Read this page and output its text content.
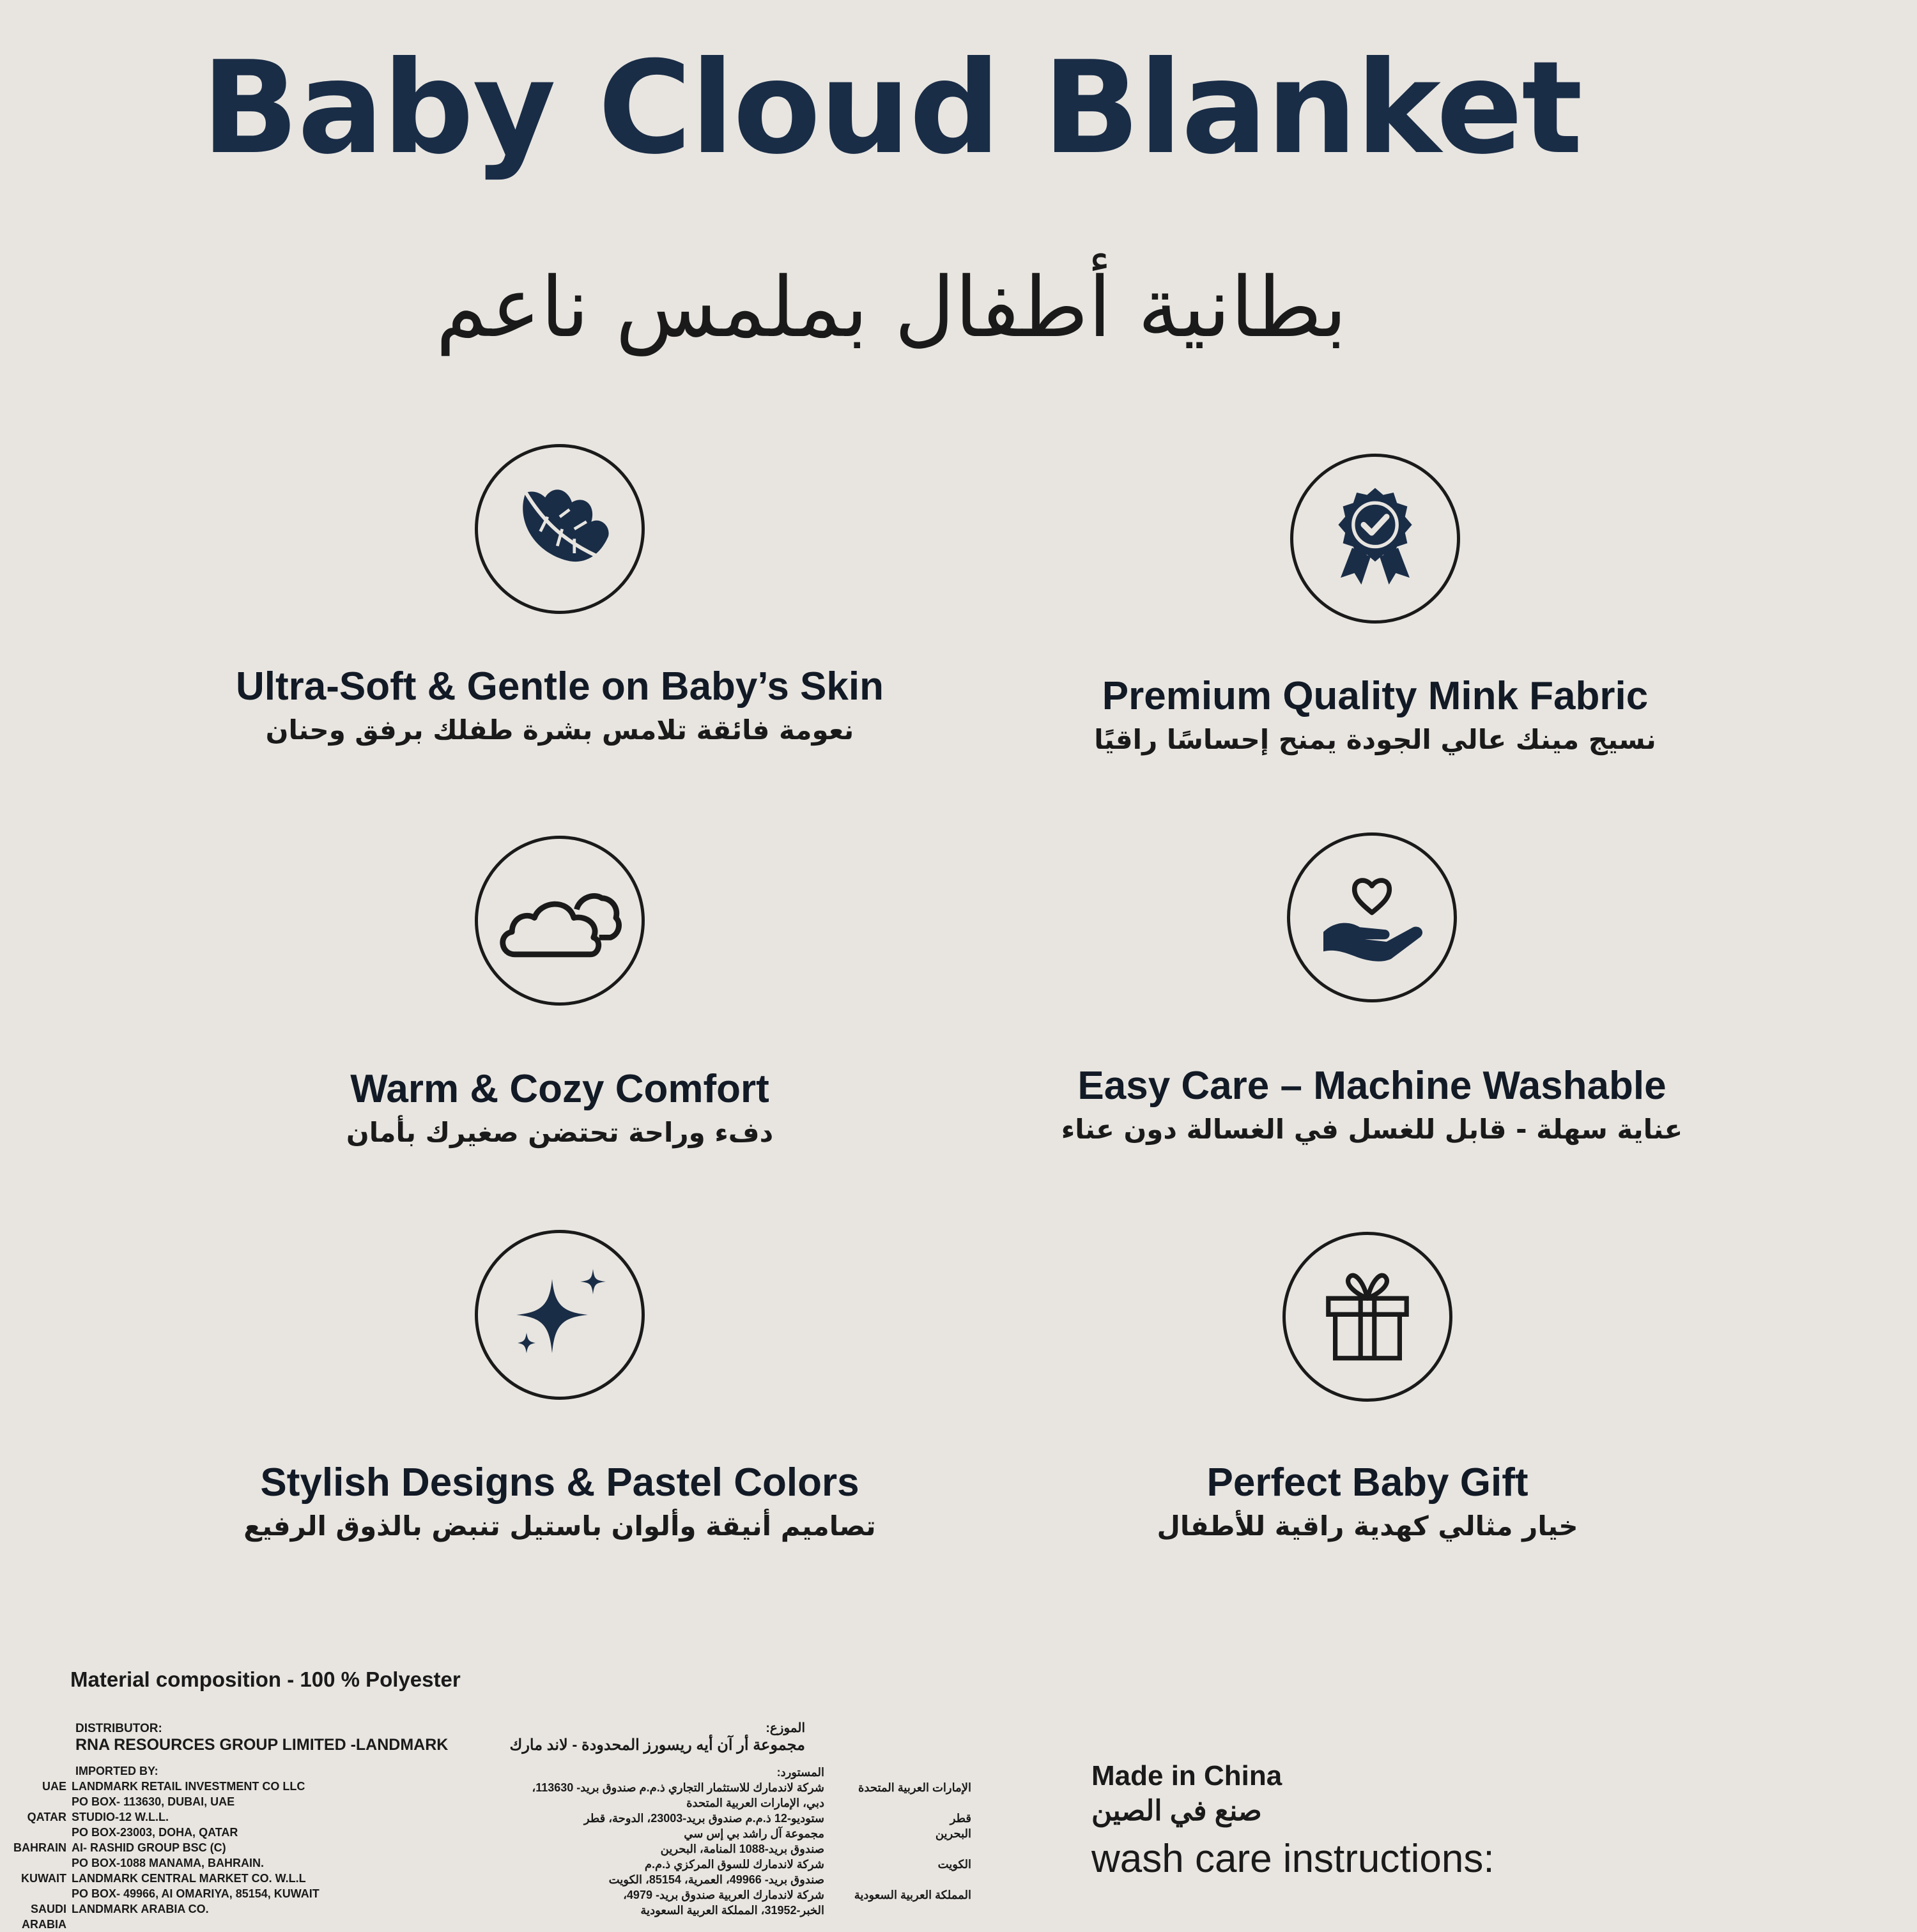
Baby Cloud Blanket
بطانية أطفال بملمس ناعم
Ultra-Soft & Gentle on Baby’s Skin
نعومة فائقة تلامس بشرة طفلك برفق وحنان
Premium Quality Mink Fabric
نسيج مينك عالي الجودة يمنح إحساسًا راقيًا
Warm & Cozy Comfort
دفء وراحة تحتضن صغيرك بأمان
Easy Care – Machine Washable
عناية سهلة - قابل للغسل في الغسالة دون عناء
Stylish Designs & Pastel Colors
تصاميم أنيقة وألوان باستيل تنبض بالذوق الرفيع
Perfect Baby Gift
خيار مثالي كهدية راقية للأطفال
Material composition - 100 % Polyester
DISTRIBUTOR:
RNA RESOURCES GROUP LIMITED -LANDMARK
IMPORTED BY:
UAE LANDMARK RETAIL INVESTMENT CO LLC
PO BOX- 113630, DUBAI, UAE
QATAR STUDIO-12 W.L.L.
PO BOX-23003, DOHA, QATAR
BAHRAIN AI- RASHID GROUP BSC (C)
PO BOX-1088 MANAMA, BAHRAIN.
KUWAIT LANDMARK CENTRAL MARKET CO. W.L.L
PO BOX- 49966, AI OMARIYA, 85154, KUWAIT
SAUDI ARABIA
LANDMARK ARABIA CO.
الموزع:
مجموعة أر آن أيه ريسورز المحدودة - لاند مارك
المستورد:
الإمارات العربية المتحدة
شركة لاندمارك للاستثمار التجاري ذ.م.م صندوق بريد- 113630،
دبي، الإمارات العربية المتحدة
قطر
ستوديو-12 ذ.م.م صندوق بريد-23003، الدوحة، قطر
البحرين
مجموعة آل راشد بي إس سي
صندوق بريد-1088 المنامة، البحرين
الكويت
شركة لاندمارك للسوق المركزي ذ.م.م
صندوق بريد- 49966، العمرية، 85154، الكويت
المملكة العربية السعودية
شركة لاندمارك العربية صندوق بريد- 4979،
الخبر-31952، المملكة العربية السعودية
Made in China
صنع في الصين
wash care instructions:
